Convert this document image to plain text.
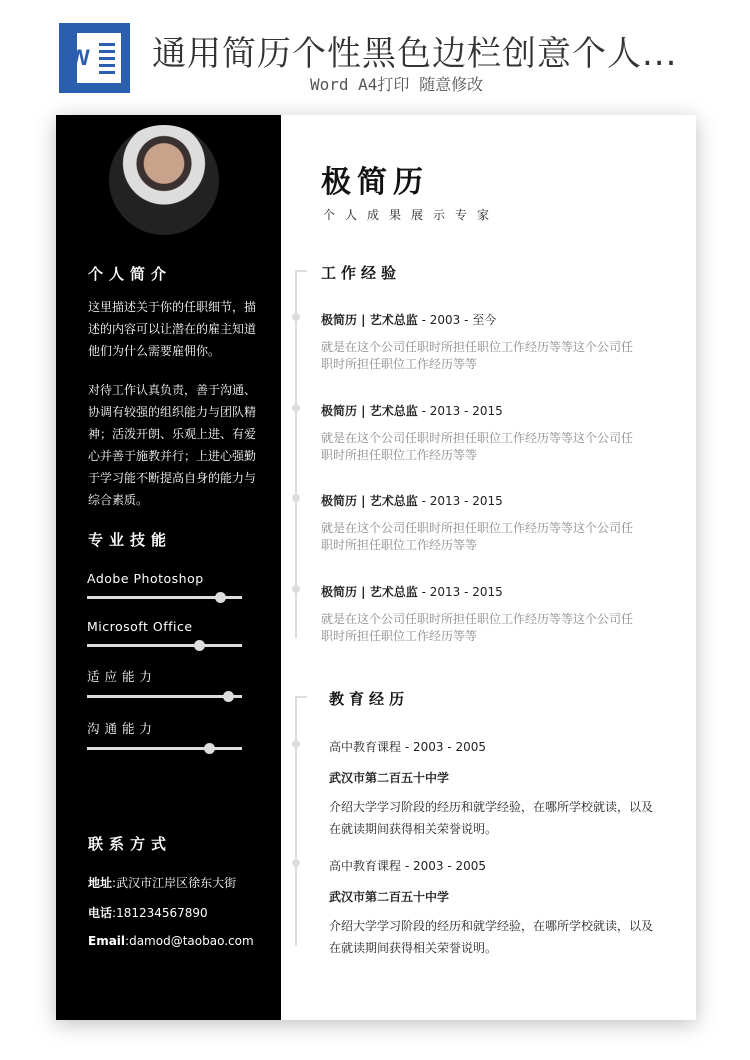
W 通用简历个性黑色边栏创意个人...
Word A4打印 随意修改
个人简介
这里描述关于你的任职细节，描述的内容可以让潜在的雇主知道他们为什么需要雇佣你。
对待工作认真负责，善于沟通、协调有较强的组织能力与团队精神；活泼开朗、乐观上进、有爱心并善于施教并行；上进心强勤于学习能不断提高自身的能力与综合素质。
专业技能
Adobe Photoshop
Microsoft Office
适 应 能 力
沟 通 能 力
联系方式
地址:武汉市江岸区徐东大街
电话:181234567890
Email:damod@taobao.com
极简历
个人成果展示专家
工作经验
极简历 | 艺术总监 - 2003 - 至今
就是在这个公司任职时所担任职位工作经历等等这个公司任职时所担任职位工作经历等等
极简历 | 艺术总监 - 2013 - 2015
就是在这个公司任职时所担任职位工作经历等等这个公司任职时所担任职位工作经历等等
极简历 | 艺术总监 - 2013 - 2015
就是在这个公司任职时所担任职位工作经历等等这个公司任职时所担任职位工作经历等等
极简历 | 艺术总监 - 2013 - 2015
就是在这个公司任职时所担任职位工作经历等等这个公司任职时所担任职位工作经历等等
教育经历
高中教育课程 - 2003 - 2005
武汉市第二百五十中学
介绍大学学习阶段的经历和就学经验，在哪所学校就读，以及在就读期间获得相关荣誉说明。
高中教育课程 - 2003 - 2005
武汉市第二百五十中学
介绍大学学习阶段的经历和就学经验，在哪所学校就读，以及在就读期间获得相关荣誉说明。
